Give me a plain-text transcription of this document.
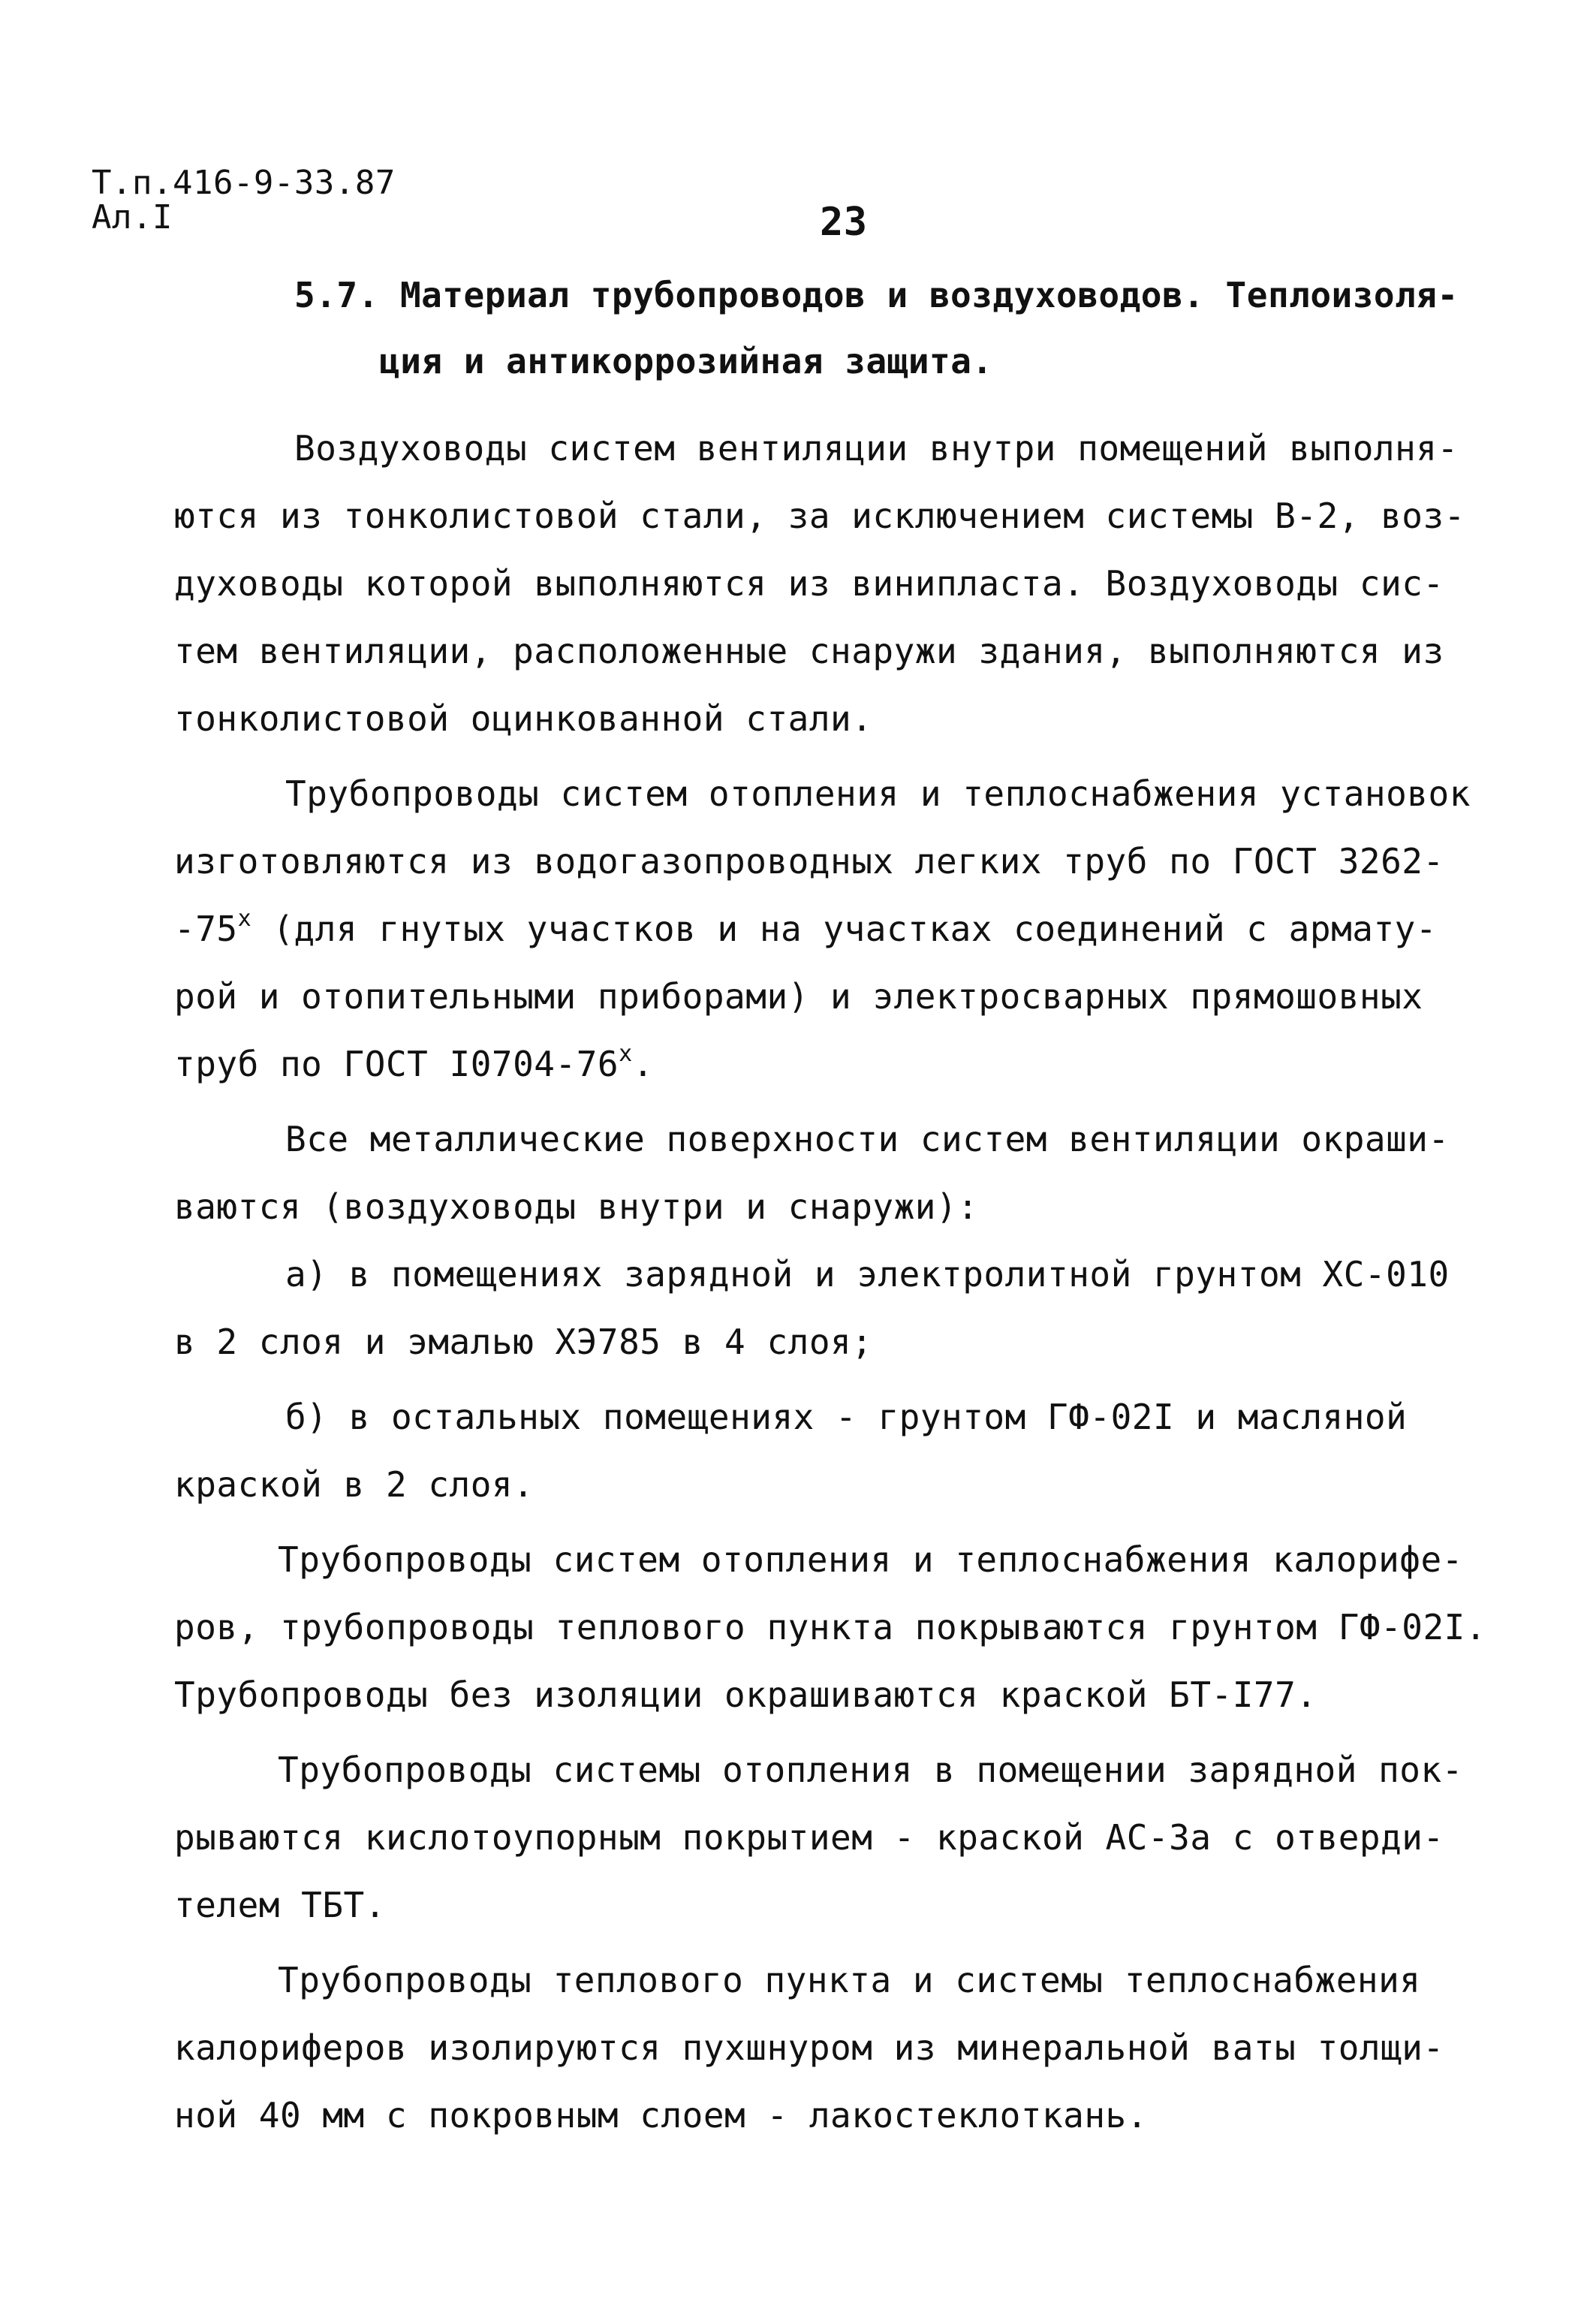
Т.п.416-9-33.87
Ал.I	23
5.7. Материал трубопроводов и воздуховодов. Теплоизоля-
ция и антикоррозийная защита.
Воздуховоды систем вентиляции внутри помещений выполня-
ются из тонколистовой стали, за исключением системы В-2, воз-
духоводы которой выполняются из винипласта. Воздуховоды сис-
тем вентиляции, расположенные снаружи здания, выполняются из
тонколистовой оцинкованной стали.
Трубопроводы систем отопления и теплоснабжения установок
изготовляются из водогазопроводных легких труб по ГОСТ 3262-
$-75^х$ (для гнутых участков и на участках соединений с армату-
рой и отопительными приборами) и электросварных прямошовных
труб по ГОСТ $I0704-76^х$.
Все металлические поверхности систем вентиляции окраши-
ваются (воздуховоды внутри и снаружи):
а) в помещениях зарядной и электролитной грунтом ХС-010
в 2 слоя и эмалью ХЭ785 в 4 слоя;
б) в остальных помещениях - грунтом ГФ-02I и масляной
краской в 2 слоя.
Трубопроводы систем отопления и теплоснабжения калорифе-
ров, трубопроводы теплового пункта покрываются грунтом ГФ-02I.
Трубопроводы без изоляции окрашиваются краской БТ-I77.
Трубопроводы системы отопления в помещении зарядной пок-
рываются кислотоупорным покрытием - краской АС-3а с отверди-
телем ТБТ.
Трубопроводы теплового пункта и системы теплоснабжения
калориферов изолируются пухшнуром из минеральной ваты толщи-
ной 40 мм с покровным слоем - лакостеклоткань.
